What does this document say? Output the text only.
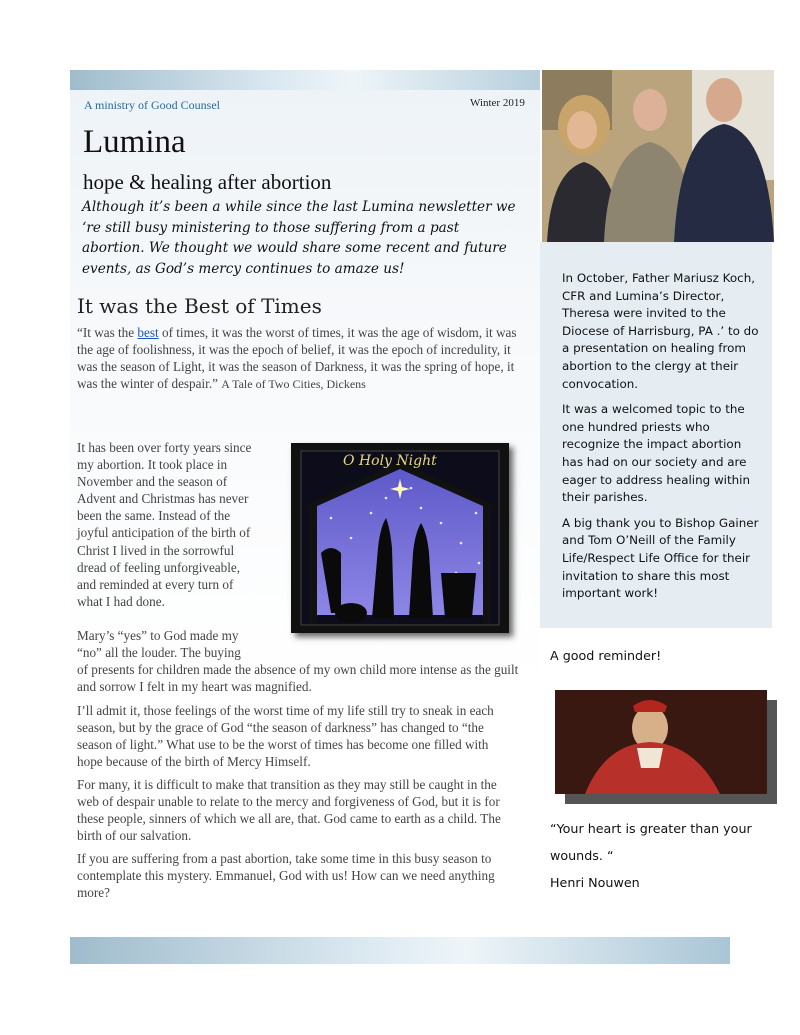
A ministry of Good Counsel	Winter 2019
Lumina
hope & healing after abortion
Although it’s been a while since the last Lumina newsletter we ‘re still busy ministering to those suffering from a past abortion. We thought we would share some recent and future events, as God’s mercy continues to amaze us!
It was the Best of Times
“It was the best of times, it was the worst of times, it was the age of wisdom, it was the age of foolishness, it was the epoch of belief, it was the epoch of incredulity, it was the season of Light, it was the season of Darkness, it was the spring of hope, it was the winter of despair.” A Tale of Two Cities, Dickens
It has been over forty years since my abortion. It took place in November and the season of Advent and Christmas has never been the same. Instead of the joyful anticipation of the birth of Christ I lived in the sorrowful dread of feeling unforgiveable, and reminded at every turn of what I had done.
O Holy Night
Mary’s “yes” to God made my “no” all the louder. The buying
of presents for children made the absence of my own child more intense as the guilt and sorrow I felt in my heart was magnified.
I’ll admit it, those feelings of the worst time of my life still try to sneak in each season, but by the grace of God “the season of darkness” has changed to “the season of light.” What use to be the worst of times has become one filled with hope because of the birth of Mercy Himself.
For many, it is difficult to make that transition as they may still be caught in the web of despair unable to relate to the mercy and forgiveness of God, but it is for these people, sinners of which we all are, that. God came to earth as a child. The birth of our salvation.
If you are suffering from a past abortion, take some time in this busy season to contemplate this mystery. Emmanuel, God with us! How can we need anything more?

In October, Father Mariusz Koch, CFR and Lumina’s Director, Theresa were invited to the Diocese of Harrisburg, PA .’ to do a presentation on healing from abortion to the clergy at their convocation.

It was a welcomed topic to the one hundred priests who recognize the impact abortion has had on our society and are eager to address healing within their parishes.

A big thank you to Bishop Gainer and Tom O’Neill of the Family Life/Respect Life Office for their invitation to share this most important work!

A good reminder!
“Your heart is greater than your wounds. “
Henri Nouwen
